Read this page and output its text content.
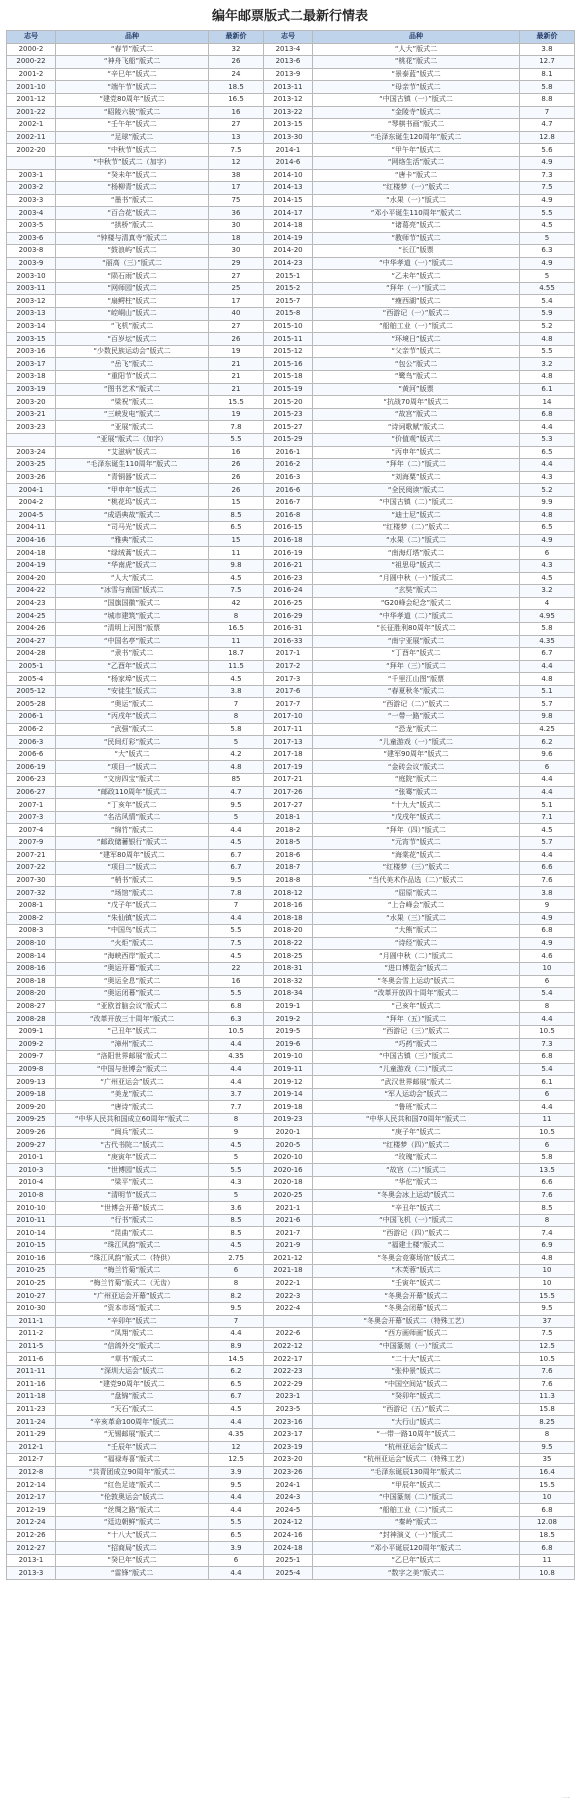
编年邮票版式二最新行情表
志号	品种	最新价	志号	品种	最新价
2000-2	“春节”版式二	32	2013-4	“人大”版式二	3.8
2000-22	“神舟飞船”版式二	26	2013-6	“桃花”版式二	12.7
2001-2	“辛巳年”版式二	24	2013-9	“景泰蓝”版式二	8.1
2001-10	“端午节”版式二	18.5	2013-11	“母亲节”版式二	5.8
2001-12	“建党80周年”版式二	16.5	2013-12	“中国古镇（一）”版式二	8.8
2001-22	“昭陵六骏”版式二	16	2013-22	“金陵寺”版式二	7
2002-1	“壬午年”版式二	27	2013-15	“琴棋书画”版式二	4.7
2002-11	“足球”版式二	13	2013-30	“毛泽东诞生120周年”版式二	12.8
2002-20	“中秋节”版式二	7.5	2014-1	“甲午年”版式二	5.6
	“中秋节”版式二（加字）	12	2014-6	“网络生活”版式二	4.9
2003-1	“癸未年”版式二	38	2014-10	“唐卡”版式二	7.3
2003-2	“杨柳青”版式二	17	2014-13	“红楼梦（一）”版式二	7.5
2003-3	“墨书”版式二	75	2014-15	“水果（一）”版式二	4.9
2003-4	“百合花”版式二	36	2014-17	“邓小平诞生110周年”版式二	5.5
2003-5	“拱桥”版式二	30	2014-18	“诸葛亮”版式二	4.5
2003-6	“钟楼与清真寺”版式二	18	2014-19	“教师节”版式二	5
2003-8	“鼓浪屿”版式二	30	2014-20	“长江”版票	6.3
2003-9	“丽高（三）”版式二	29	2014-23	“中华孝道（一）”版式二	4.9
2003-10	“陨石雨”版式二	27	2015-1	“乙未年”版式二	5
2003-11	“网师园”版式二	25	2015-2	“拜年（一）”版式二	4.55
2003-12	“扇鳄柱”版式二	17	2015-7	“瘦西湖”版式二	5.4
2003-13	“崆峒山”版式二	40	2015-8	“西游记（一）”版式二	5.9
2003-14	“飞机”版式二	27	2015-10	“船舶工业（一）”版式二	5.2
2003-15	“百岁坛”版式二	26	2015-11	“环境日”版式二	4.8
2003-16	“少数民族运动会”版式二	19	2015-12	“父亲节”版式二	5.5
2003-17	“岳飞”版式二	21	2015-16	“包公”版式二	3.2
2003-18	“重阳节”版式二	21	2015-18	“鹭鸟”版式二	4.8
2003-19	“图书艺术”版式二	21	2015-19	“黄河”版票	6.1
2003-20	“梁祝”版式二	15.5	2015-20	“抗战70周年”版式二	14
2003-21	“三峡发电”版式二	19	2015-23	“故宫”版式二	6.8
2003-23	“亚展”版式二	7.8	2015-27	“诗词歌赋”版式二	4.4
	“亚展”版式二（加字）	5.5	2015-29	“价值观”版式二	5.3
2003-24	“艾滋病”版式二	16	2016-1	“丙申年”版式二	6.5
2003-25	“毛泽东诞生110周年”版式二	26	2016-2	“拜年（二）”版式二	4.4
2003-26	“青铜器”版式二	26	2016-3	“刘海粟”版式二	4.3
2004-1	“甲申年”版式二	26	2016-6	“全民阅读”版式二	5.2
2004-2	“桃花坞”版式二	15	2016-7	“中国古镇（二）”版式二	9.9
2004-5	“成语典故”版式二	8.5	2016-8	“迪士尼”版式二	4.8
2004-11	“司马光”版式二	6.5	2016-15	“红楼梦（二）”版式二	6.5
2004-16	“雅典”版式二	15	2016-18	“水果（二）”版式二	4.9
2004-18	“绿绒蒿”版式二	11	2016-19	“南海灯塔”版式二	6
2004-19	“华南虎”版式二	9.8	2016-21	“祖思母”版式二	4.3
2004-20	“人大”版式二	4.5	2016-23	“月圆中秋（一）”版式二	4.5
2004-22	“冰雪与南国”版式二	7.5	2016-24	“玄奘”版式二	3.2
2004-23	“国旗国徽”版式二	42	2016-25	“G20峰会纪念”版式二	4
2004-25	“城市建筑”版式二	8	2016-29	“中华孝道（二）”版式二	4.95
2004-26	“清明上河图”版票	16.5	2016-31	“长征胜利80周年”版式二	5.8
2004-27	“中国名亭”版式二	11	2016-33	“南宁亚展”版式二	4.35
2004-28	“隶书”版式二	18.7	2017-1	“丁酉年”版式二	6.7
2005-1	“乙酉年”版式二	11.5	2017-2	“拜年（三）”版式二	4.4
2005-4	“杨家埠”版式二	4.5	2017-3	“千里江山图”版票	4.8
2005-12	“安徒生”版式二	3.8	2017-6	“春夏秋冬”版式二	5.1
2005-28	“奥运”版式二	7	2017-7	“西游记（二）”版式二	5.7
2006-1	“丙戌年”版式二	8	2017-10	“一带一路”版式二	9.8
2006-2	“武强”版式二	5.8	2017-11	“恐龙”版式二	4.25
2006-3	“民间灯彩”版式二	5	2017-13	“儿童游戏（一）”版式二	6.2
2006-6	“大”版式二	4.2	2017-18	“建军90周年”版式二	9.6
2006-19	“项目一”版式二	4.8	2017-19	“金砖会议”版式二	6
2006-23	“文房四宝”版式二	85	2017-21	“庭院”版式二	4.4
2006-27	“邮政110周年”版式二	4.7	2017-26	“张骞”版式二	4.4
2007-1	“丁亥年”版式二	9.5	2017-27	“十九大”版式二	5.1
2007-3	“名沽风情”版式二	5	2018-1	“戊戌年”版式二	7.1
2007-4	“绵竹”版式二	4.4	2018-2	“拜年（四）”版式二	4.5
2007-9	“邮政储蓄银行”版式二	4.5	2018-5	“元宵节”版式二	5.7
2007-21	“建军80周年”版式二	6.7	2018-6	“海棠花”版式二	4.4
2007-22	“项目二”版式二	6.7	2018-7	“红楼梦（三）”版式二	6.6
2007-30	“梢书”版式二	9.5	2018-8	“当代美术作品选（二）”版式二	7.6
2007-32	“场馆”版式二	7.8	2018-12	“屈原”版式二	3.8
2008-1	“戊子年”版式二	7	2018-16	“上合峰会”版式二	9
2008-2	“朱仙镇”版式二	4.4	2018-18	“水果（三）”版式二	4.9
2008-3	“中国鸟”版式二	5.5	2018-20	“大熊”版式二	6.8
2008-10	“火炬”版式二	7.5	2018-22	“诗经”版式二	4.9
2008-14	“海峡西岸”版式二	4.5	2018-25	“月圆中秋（二）”版式二	4.6
2008-16	“奥运开幕”版式二	22	2018-31	“进口博览会”版式二	10
2008-18	“奥运全息”版式二	16	2018-32	“冬奥会雪上运动”版式二	6
2008-20	“奥运闭幕”版式二	5.5	2018-34	“改革开放四十周年”版式二	5.4
2008-27	“亚欧首脑会议”版式二	6.8	2019-1	“己亥年”版式二	8
2008-28	“改革开放三十周年”版式二	6.3	2019-2	“拜年（五）”版式二	4.4
2009-1	“己丑年”版式二	10.5	2019-5	“西游记（三）”版式二	10.5
2009-2	“漳州”版式二	4.4	2019-6	“巧药”版式二	7.3
2009-7	“洛阳世界邮展”版式二	4.35	2019-10	“中国古镇（三）”版式二	6.8
2009-8	“中国与世博会”版式二	4.4	2019-11	“儿童游戏（二）”版式二	5.4
2009-13	“广州亚运会”版式二	4.4	2019-12	“武汉世界邮展”版式二	6.1
2009-18	“美龙”版式二	3.7	2019-14	“军人运动会”版式二	6
2009-20	“唐诗”版式二	7.7	2019-18	“鲁班”版式二	4.4
2009-25	“中华人民共和国成立60周年”版式二	8	2019-23	“中华人民共和国70周年”版式二	11
2009-26	“闽兵”版式二	9	2020-1	“庚子年”版式二	10.5
2009-27	“古代书院二”版式二	4.5	2020-5	“红楼梦（四）”版式二	6
2010-1	“庚寅年”版式二	5	2020-10	“玫瑰”版式二	5.8
2010-3	“世博园”版式二	5.5	2020-16	“故宫（二）”版式二	13.5
2010-4	“梁平”版式二	4.3	2020-18	“华佗”版式二	6.6
2010-8	“清明节”版式二	5	2020-25	“冬奥会冰上运动”版式二	7.6
2010-10	“世博会开幕”版式二	3.6	2021-1	“辛丑年”版式二	8.5
2010-11	“行书”版式二	8.5	2021-6	“中国飞机（一）”版式二	8
2010-14	“昆曲”版式二	8.5	2021-7	“西游记（四）”版式二	7.4
2010-15	“珠江风韵”版式二	4.5	2021-9	“福建土楼”版式二	6.9
2010-16	“珠江风韵”版式二（特供）	2.75	2021-12	“冬奥会竞赛场馆”版式二	4.8
2010-25	“梅兰竹菊”版式二	6	2021-18	“木芙蓉”版式二	10
2010-25	“梅兰竹菊”版式二（无齿）	8	2022-1	“壬寅年”版式二	10
2010-27	“广州亚运会开幕”版式二	8.2	2022-3	“冬奥会开幕”版式二	15.5
2010-30	“资本市场”版式二	9.5	2022-4	“冬奥会闭幕”版式二	9.5
2011-1	“辛卯年”版式二	7		“冬奥会开幕”版式二（特殊工艺）	37
2011-2	“凤翔”版式二	4.4	2022-6	“西方画师画”版式二	7.5
2011-5	“信鸽外交”版式二	8.9	2022-12	“中国篆刻（一）”版式二	12.5
2011-6	“草书”版式二	14.5	2022-17	“二十大”版式二	10.5
2011-11	“深圳大运会”版式二	6.2	2022-23	“张仲景”版式二	7.6
2011-16	“建党90周年”版式二	6.5	2022-29	“中国空间站”版式二	7.6
2011-18	“盘锦”版式二	6.7	2023-1	“癸卯年”版式二	11.3
2011-23	“天石”版式二	4.5	2023-5	“西游记（五）”版式二	15.8
2011-24	“辛亥革命100周年”版式二	4.4	2023-16	“大行山”版式二	8.25
2011-29	“无锡邮展”版式二	4.35	2023-17	“一带一路10周年”版式二	8
2012-1	“壬辰年”版式二	12	2023-19	“杭州亚运会”版式二	9.5
2012-7	“福禄寿喜”版式二	12.5	2023-20	“杭州亚运会”版式二（特殊工艺）	35
2012-8	“共青团成立90周年”版式二	3.9	2023-26	“毛泽东诞辰130周年”版式二	16.4
2012-14	“红色足迹”版式二	9.5	2024-1	“甲辰年”版式二	15.5
2012-17	“伦敦奥运会”版式二	4.4	2024-3	“中国篆刻（二）”版式二	10
2012-19	“丝绸之路”版式二	4.4	2024-5	“船舶工业（二）”版式二	6.8
2012-24	“廷边朝鲜”版式二	5.5	2024-12	“秦岭”版式二	12.08
2012-26	“十八大”版式二	6.5	2024-16	“封神演义（一）”版式二	18.5
2012-27	“招商局”版式二	3.9	2024-18	“邓小平诞辰120周年”版式二	6.8
2013-1	“癸巳年”版式二	6	2025-1	“乙巳年”版式二	11
2013-3	“雷锋”版式二	4.4	2025-4	“数字之美”版式二	10.8
一
